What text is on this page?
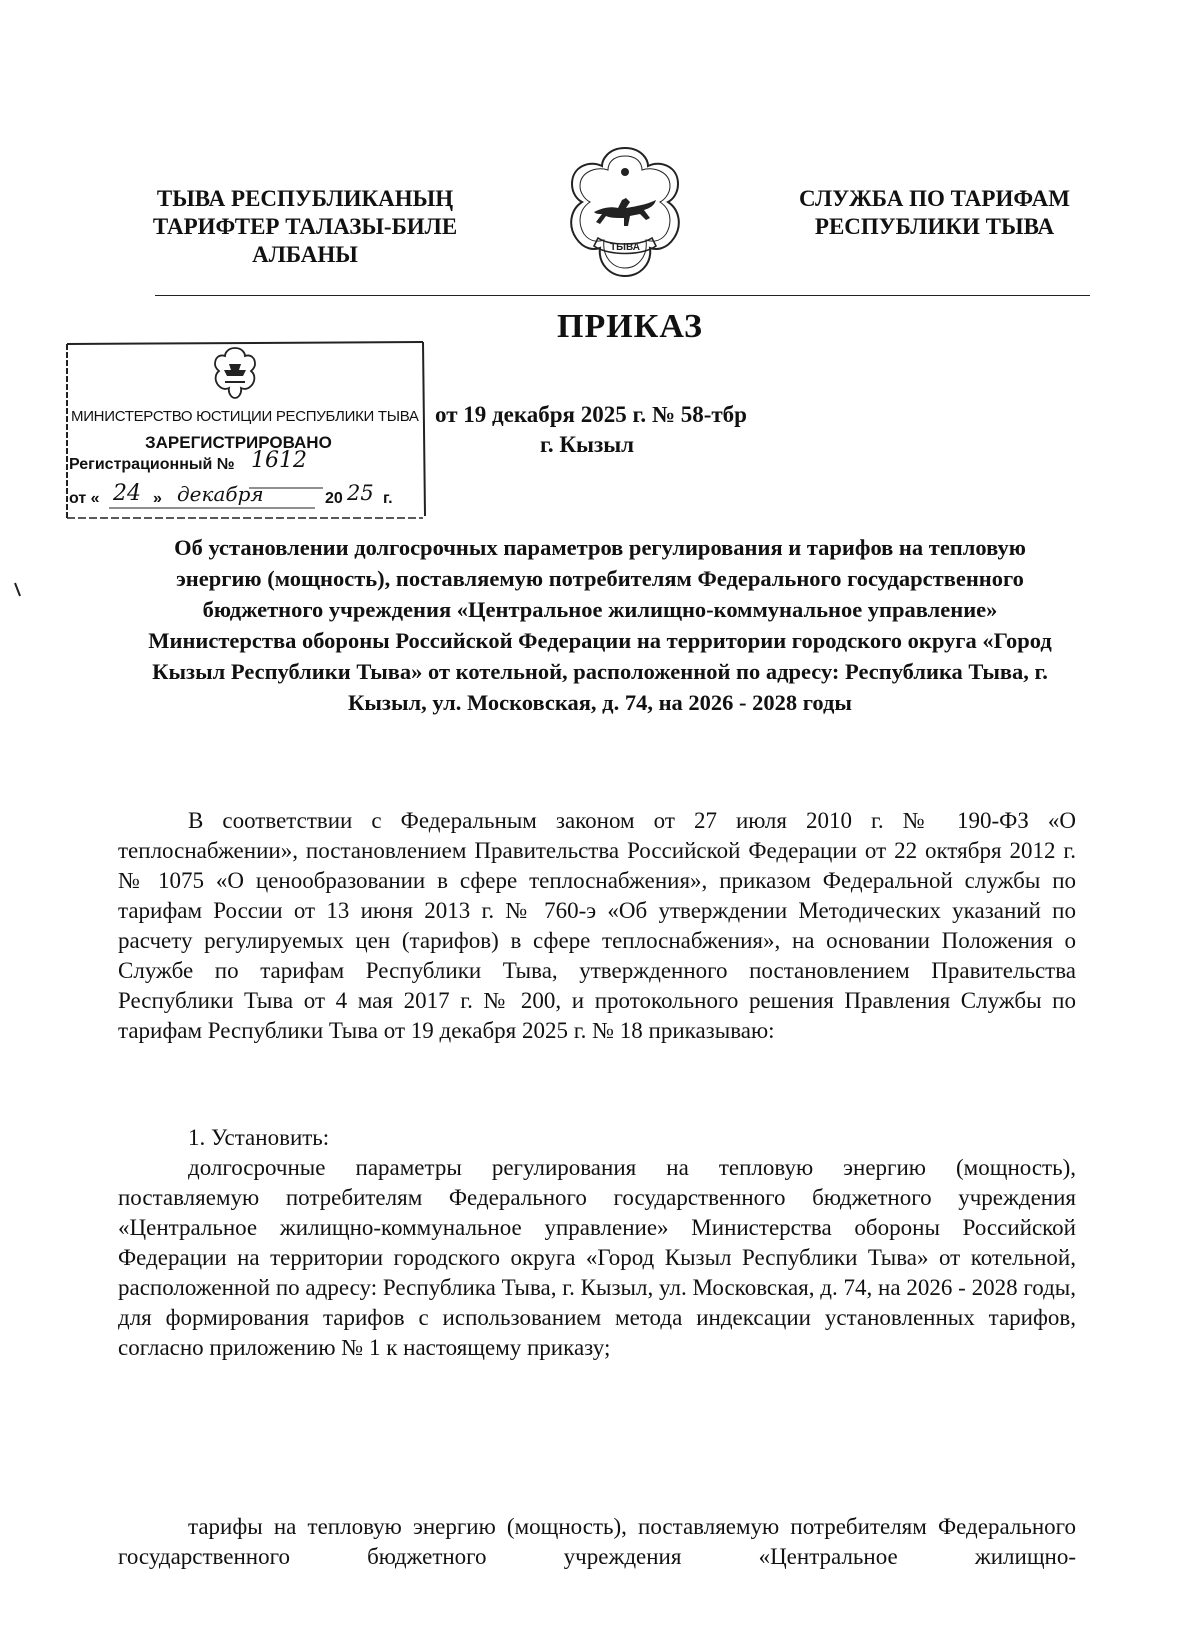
ТЫВА РЕСПУБЛИКАНЫҢ
ТАРИФТЕР ТАЛАЗЫ-БИЛЕ
АЛБАНЫ	ТЫВА
СЛУЖБА ПО ТАРИФАМ
РЕСПУБЛИКИ ТЫВА
ПРИКАЗ
МИНИСТЕРСТВО ЮСТИЦИИ РЕСПУБЛИКИ ТЫВА
ЗАРЕГИСТРИРОВАНО
Регистрационный № 1612
от « 24 » декабря	20 25 г.
от 19 декабря 2025 г. № 58-тбр
г. Кызыл
Об установлении долгосрочных параметров регулирования и тарифов на тепловую энергию (мощность), поставляемую потребителям Федерального государственного бюджетного учреждения «Центральное жилищно-коммунальное управление» Министерства обороны Российской Федерации на территории городского округа «Город Кызыл Республики Тыва» от котельной, расположенной по адресу: Республика Тыва, г. Кызыл, ул. Московская, д. 74, на 2026 - 2028 годы
В соответствии с Федеральным законом от 27 июля 2010 г. № 190-ФЗ «О теплоснабжении», постановлением Правительства Российской Федерации от 22 октября 2012 г. № 1075 «О ценообразовании в сфере теплоснабжения», приказом Федеральной службы по тарифам России от 13 июня 2013 г. № 760-э «Об утверждении Методических указаний по расчету регулируемых цен (тарифов) в сфере теплоснабжения», на основании Положения о Службе по тарифам Республики Тыва, утвержденного постановлением Правительства Республики Тыва от 4 мая 2017 г. № 200, и протокольного решения Правления Службы по тарифам Республики Тыва от 19 декабря 2025 г. № 18 приказываю:
1. Установить:
долгосрочные параметры регулирования на тепловую энергию (мощность), поставляемую потребителям Федерального государственного бюджетного учреждения «Центральное жилищно-коммунальное управление» Министерства обороны Российской Федерации на территории городского округа «Город Кызыл Республики Тыва» от котельной, расположенной по адресу: Республика Тыва, г. Кызыл, ул. Московская, д. 74, на 2026 - 2028 годы, для формирования тарифов с использованием метода индексации установленных тарифов, согласно приложению № 1 к настоящему приказу;
тарифы на тепловую энергию (мощность), поставляемую потребителям Федерального государственного бюджетного учреждения «Центральное жилищно-
